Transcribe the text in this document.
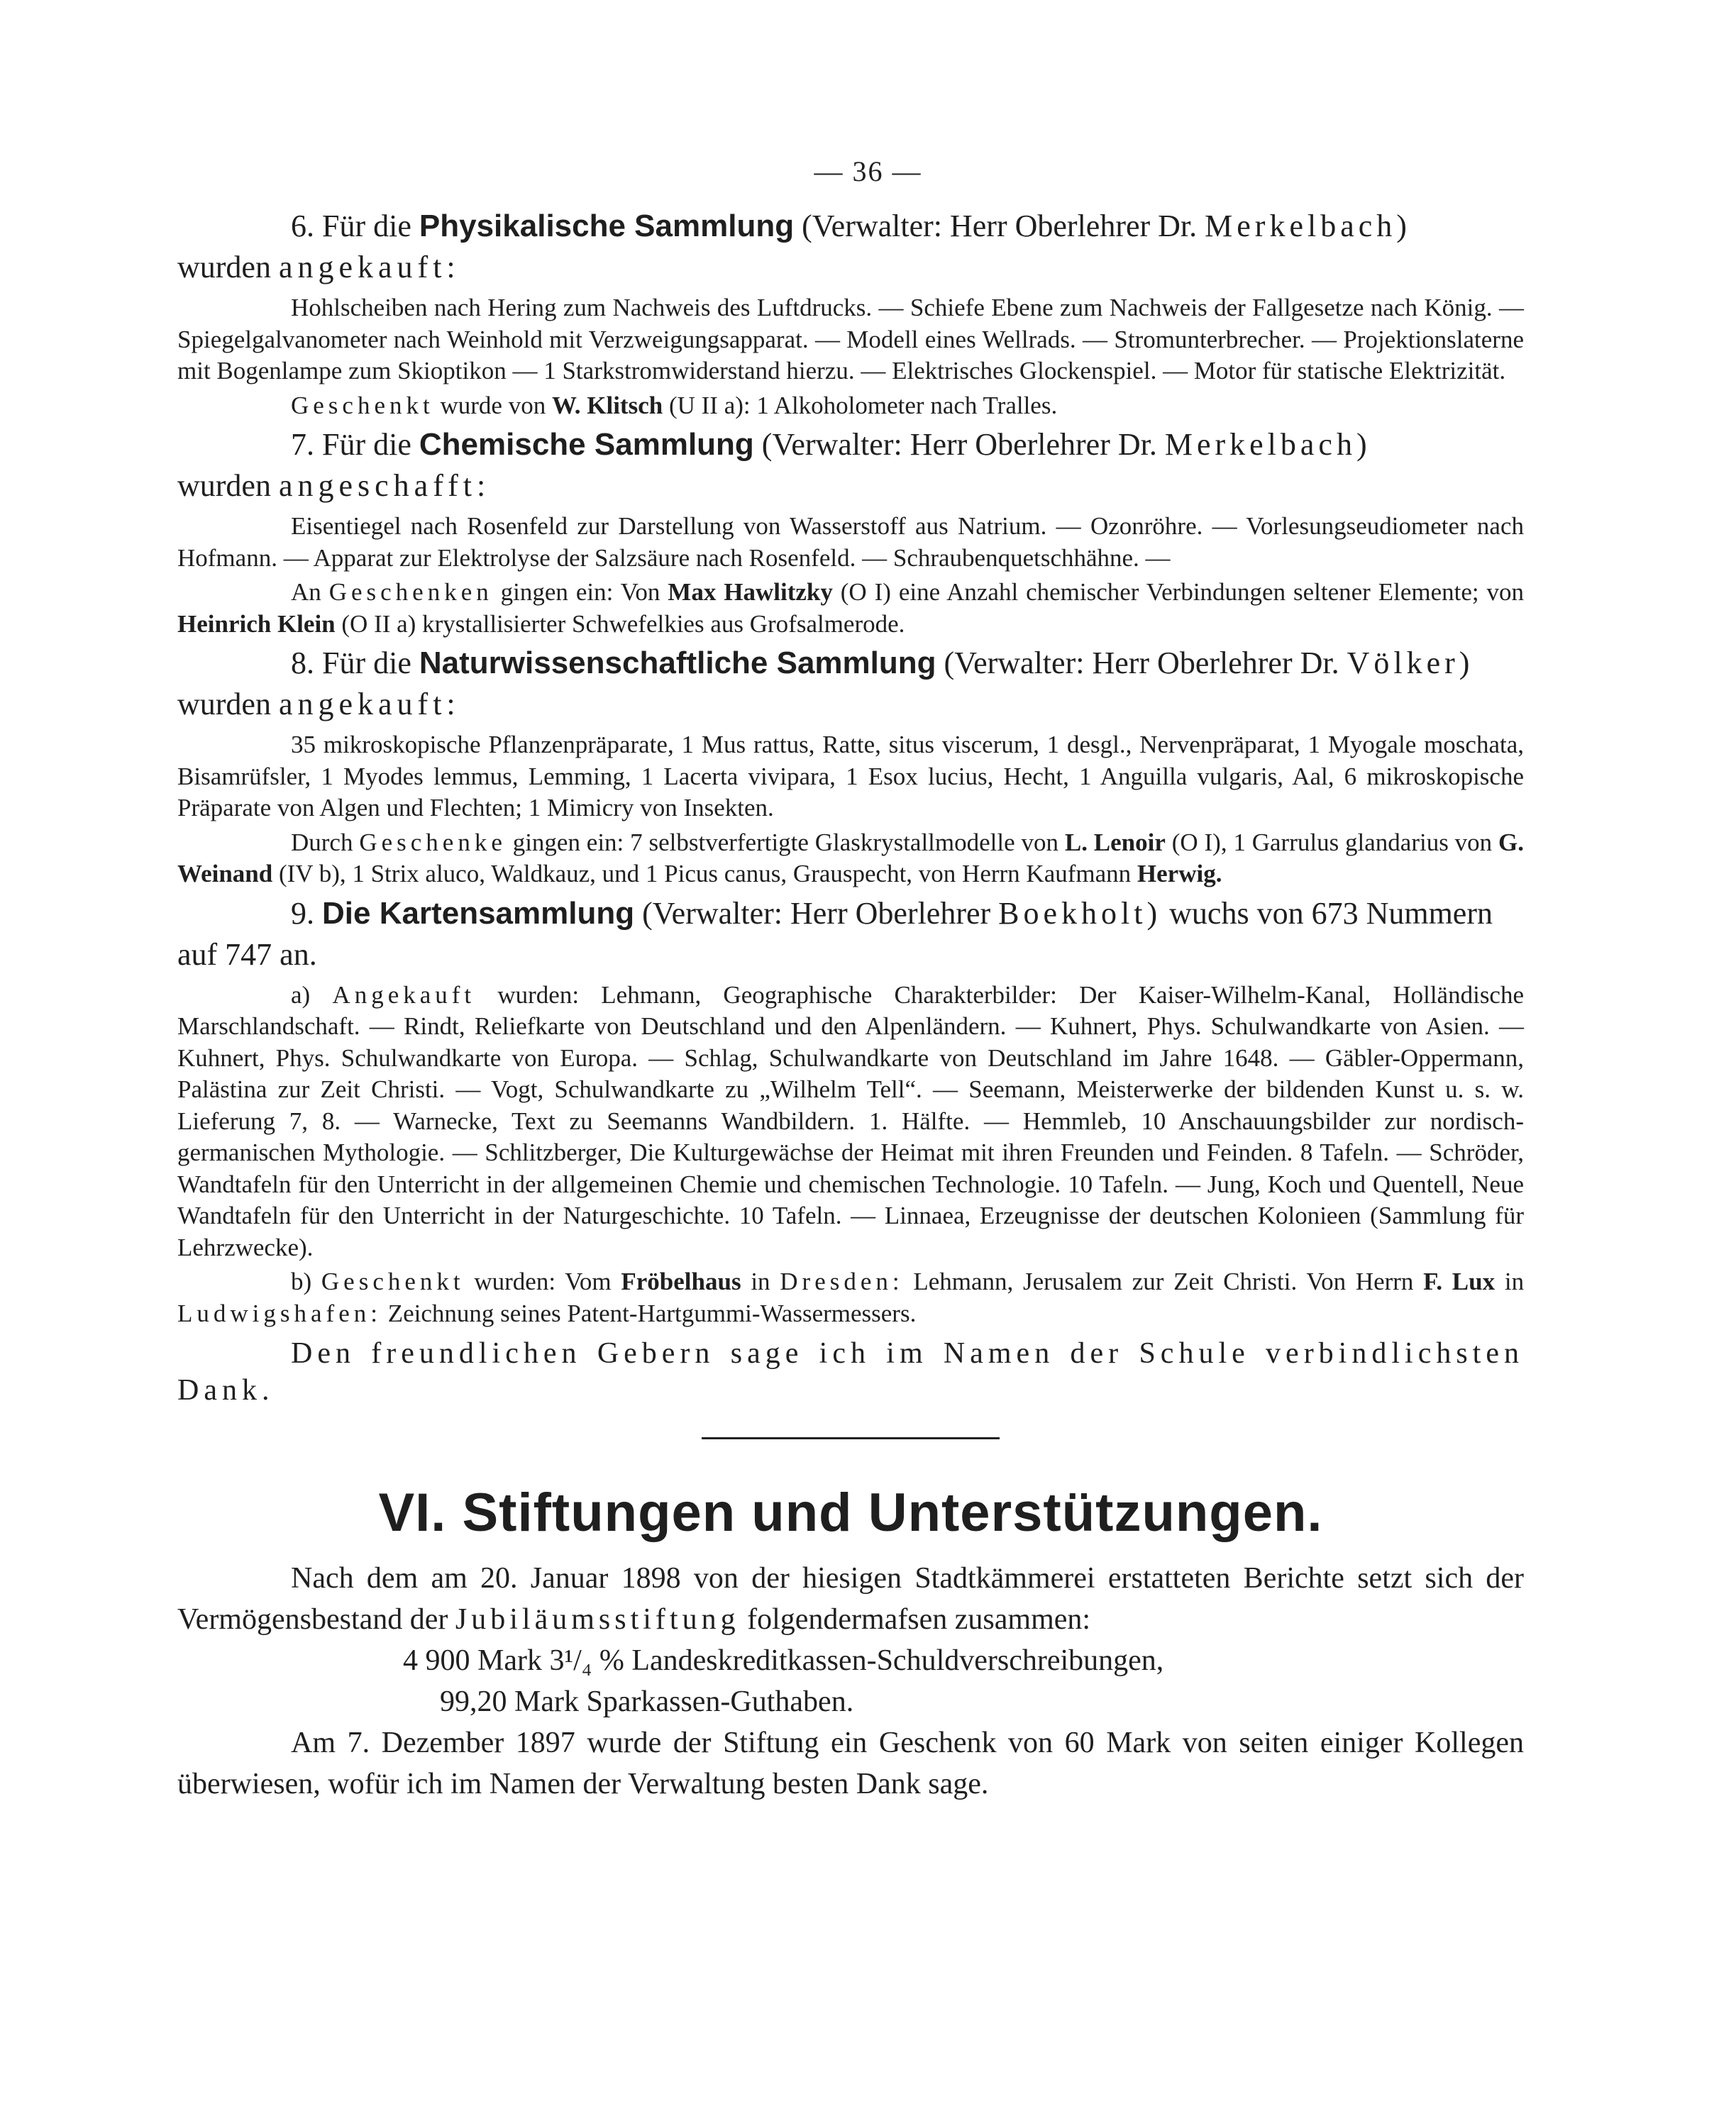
— 36 —

6. Für die Physikalische Sammlung (Verwalter: Herr Oberlehrer Dr. Merkelbach)

wurden angekauft:

Hohlscheiben nach Hering zum Nachweis des Luftdrucks. — Schiefe Ebene zum Nachweis der Fallgesetze nach König. — Spiegelgalvanometer nach Weinhold mit Verzweigungsapparat. — Modell eines Wellrads. — Stromunterbrecher. — Projektionslaterne mit Bogenlampe zum Skioptikon — 1 Starkstromwiderstand hierzu. — Elektrisches Glockenspiel. — Motor für statische Elektrizität.

Geschenkt wurde von W. Klitsch (U II a): 1 Alkoholometer nach Tralles.

7. Für die Chemische Sammlung (Verwalter: Herr Oberlehrer Dr. Merkelbach)

wurden angeschafft:

Eisentiegel nach Rosenfeld zur Darstellung von Wasserstoff aus Natrium. — Ozonröhre. — Vorlesungseudiometer nach Hofmann. — Apparat zur Elektrolyse der Salzsäure nach Rosenfeld. — Schraubenquetschhähne. —

An Geschenken gingen ein: Von Max Hawlitzky (O I) eine Anzahl chemischer Verbindungen seltener Elemente; von Heinrich Klein (O II a) krystallisierter Schwefelkies aus Grofsalmerode.

8. Für die Naturwissenschaftliche Sammlung (Verwalter: Herr Oberlehrer Dr. Völker)

wurden angekauft:

35 mikroskopische Pflanzenpräparate, 1 Mus rattus, Ratte, situs viscerum, 1 desgl., Nervenpräparat, 1 Myogale moschata, Bisamrüfsler, 1 Myodes lemmus, Lemming, 1 Lacerta vivipara, 1 Esox lucius, Hecht, 1 Anguilla vulgaris, Aal, 6 mikroskopische Präparate von Algen und Flechten; 1 Mimicry von Insekten.

Durch Geschenke gingen ein: 7 selbstverfertigte Glaskrystallmodelle von L. Lenoir (O I), 1 Garrulus glandarius von G. Weinand (IV b), 1 Strix aluco, Waldkauz, und 1 Picus canus, Grauspecht, von Herrn Kaufmann Herwig.

9. Die Kartensammlung (Verwalter: Herr Oberlehrer Boekholt) wuchs von 673 Nummern

auf 747 an.

a) Angekauft wurden: Lehmann, Geographische Charakterbilder: Der Kaiser-Wilhelm-Kanal, Holländische Marschlandschaft. — Rindt, Reliefkarte von Deutschland und den Alpenländern. — Kuhnert, Phys. Schulwandkarte von Asien. — Kuhnert, Phys. Schulwandkarte von Europa. — Schlag, Schulwandkarte von Deutschland im Jahre 1648. — Gäbler-Oppermann, Palästina zur Zeit Christi. — Vogt, Schulwandkarte zu „Wilhelm Tell“. — Seemann, Meisterwerke der bildenden Kunst u. s. w. Lieferung 7, 8. — Warnecke, Text zu Seemanns Wandbildern. 1. Hälfte. — Hemmleb, 10 Anschauungsbilder zur nordisch-germanischen Mythologie. — Schlitzberger, Die Kulturgewächse der Heimat mit ihren Freunden und Feinden. 8 Tafeln. — Schröder, Wandtafeln für den Unterricht in der allgemeinen Chemie und chemischen Technologie. 10 Tafeln. — Jung, Koch und Quentell, Neue Wandtafeln für den Unterricht in der Naturgeschichte. 10 Tafeln. — Linnaea, Erzeugnisse der deutschen Kolonieen (Sammlung für Lehrzwecke).

b) Geschenkt wurden: Vom Fröbelhaus in Dresden: Lehmann, Jerusalem zur Zeit Christi. Von Herrn F. Lux in Ludwigshafen: Zeichnung seines Patent-Hartgummi-Wassermessers.

Den freundlichen Gebern sage ich im Namen der Schule verbindlichsten Dank.

VI. Stiftungen und Unterstützungen.

Nach dem am 20. Januar 1898 von der hiesigen Stadtkämmerei erstatteten Berichte setzt sich der Vermögensbestand der Jubiläumsstiftung folgendermafsen zusammen:

4 900 Mark 3¹/₄ % Landeskreditkassen-Schuldverschreibungen,

99,20 Mark Sparkassen-Guthaben.

Am 7. Dezember 1897 wurde der Stiftung ein Geschenk von 60 Mark von seiten einiger Kollegen überwiesen, wofür ich im Namen der Verwaltung besten Dank sage.
